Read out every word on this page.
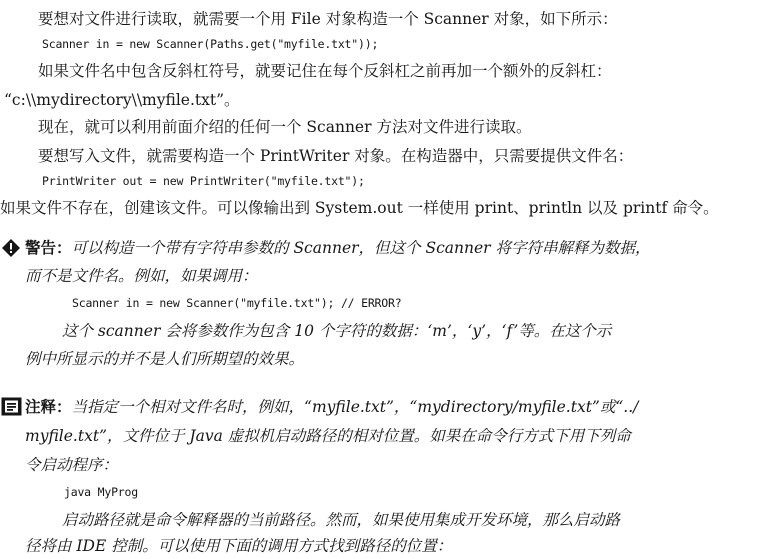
要想对文件进行读取，就需要一个用 File 对象构造一个 Scanner 对象，如下所示：
Scanner in = new Scanner(Paths.get("myfile.txt"));
如果文件名中包含反斜杠符号，就要记住在每个反斜杠之前再加一个额外的反斜杠：
“c:\\mydirectory\\myfile.txt”。
现在，就可以利用前面介绍的任何一个 Scanner 方法对文件进行读取。
要想写入文件，就需要构造一个 PrintWriter 对象。在构造器中，只需要提供文件名：
PrintWriter out = new PrintWriter("myfile.txt");
如果文件不存在，创建该文件。可以像输出到 System.out 一样使用 print、println 以及 printf 命令。
警告：可以构造一个带有字符串参数的 Scanner，但这个 Scanner 将字符串解释为数据，
而不是文件名。例如，如果调用：
Scanner in = new Scanner("myfile.txt"); // ERROR?
这个 scanner 会将参数作为包含 10 个字符的数据：‘m’，‘y’，‘f’等。在这个示
例中所显示的并不是人们所期望的效果。
注释：当指定一个相对文件名时，例如，“myfile.txt”，“mydirectory/myfile.txt”或“../
myfile.txt”，文件位于 Java 虚拟机启动路径的相对位置。如果在命令行方式下用下列命
令启动程序：
java MyProg
启动路径就是命令解释器的当前路径。然而，如果使用集成开发环境，那么启动路
径将由 IDE 控制。可以使用下面的调用方式找到路径的位置：
